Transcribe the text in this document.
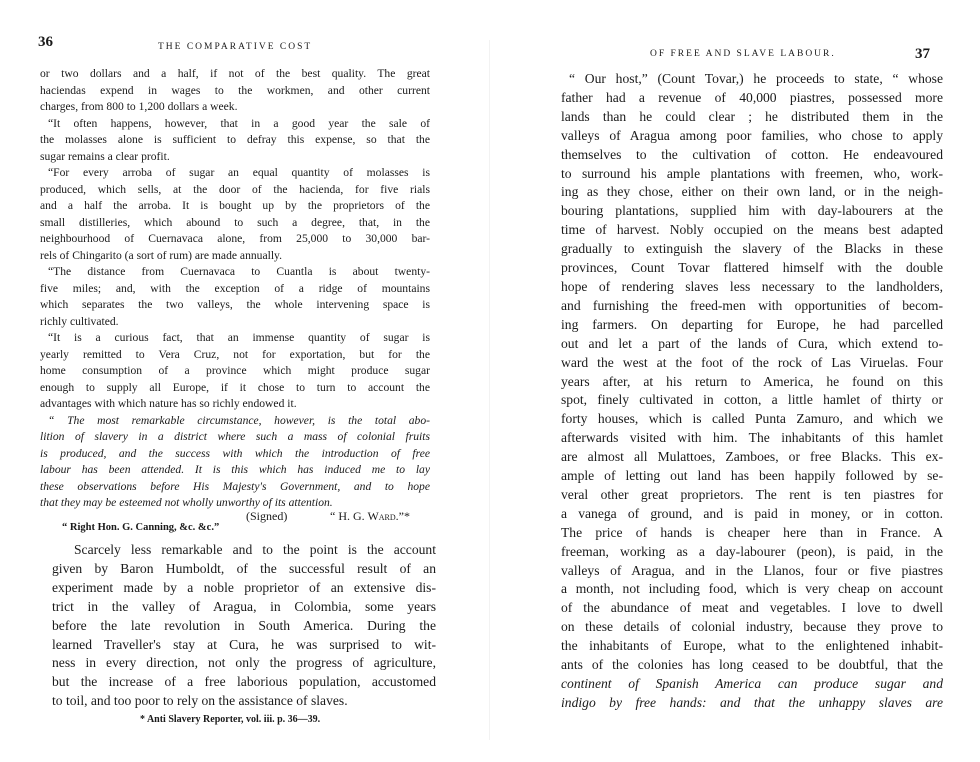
36	THE COMPARATIVE COST
or two dollars and a half, if not of the best quality. The great
haciendas expend in wages to the workmen, and other current
charges, from 800 to 1,200 dollars a week.
“It often happens, however, that in a good year the sale of
the molasses alone is sufficient to defray this expense, so that the
sugar remains a clear profit.
“For every arroba of sugar an equal quantity of molasses is
produced, which sells, at the door of the hacienda, for five rials
and a half the arroba. It is bought up by the proprietors of the
small distilleries, which abound to such a degree, that, in the
neighbourhood of Cuernavaca alone, from 25,000 to 30,000 bar-
rels of Chingarito (a sort of rum) are made annually.
“The distance from Cuernavaca to Cuantla is about twenty-
five miles; and, with the exception of a ridge of mountains
which separates the two valleys, the whole intervening space is
richly cultivated.
“It is a curious fact, that an immense quantity of sugar is
yearly remitted to Vera Cruz, not for exportation, but for the
home consumption of a province which might produce sugar
enough to supply all Europe, if it chose to turn to account the
advantages with which nature has so richly endowed it.
“ The most remarkable circumstance, however, is the total abo-
lition of slavery in a district where such a mass of colonial fruits
is produced, and the success with which the introduction of free
labour has been attended. It is this which has induced me to lay
these observations before His Majesty's Government, and to hope
that they may be esteemed not wholly unworthy of its attention.
(Signed)	“ H. G. Ward.”*
“ Right Hon. G. Canning, &c. &c.”
Scarcely less remarkable and to the point is the account
given by Baron Humboldt, of the successful result of an
experiment made by a noble proprietor of an extensive dis-
trict in the valley of Aragua, in Colombia, some years
before the late revolution in South America. During the
learned Traveller's stay at Cura, he was surprised to wit-
ness in every direction, not only the progress of agriculture,
but the increase of a free laborious population, accustomed
to toil, and too poor to rely on the assistance of slaves.
* Anti Slavery Reporter, vol. iii. p. 36—39.
OF FREE AND SLAVE LABOUR.	37
“ Our host,” (Count Tovar,) he proceeds to state, “ whose
father had a revenue of 40,000 piastres, possessed more
lands than he could clear ; he distributed them in the
valleys of Aragua among poor families, who chose to apply
themselves to the cultivation of cotton. He endeavoured
to surround his ample plantations with freemen, who, work-
ing as they chose, either on their own land, or in the neigh-
bouring plantations, supplied him with day-labourers at the
time of harvest. Nobly occupied on the means best adapted
gradually to extinguish the slavery of the Blacks in these
provinces, Count Tovar flattered himself with the double
hope of rendering slaves less necessary to the landholders,
and furnishing the freed-men with opportunities of becom-
ing farmers. On departing for Europe, he had parcelled
out and let a part of the lands of Cura, which extend to-
ward the west at the foot of the rock of Las Viruelas. Four
years after, at his return to America, he found on this
spot, finely cultivated in cotton, a little hamlet of thirty or
forty houses, which is called Punta Zamuro, and which we
afterwards visited with him. The inhabitants of this hamlet
are almost all Mulattoes, Zamboes, or free Blacks. This ex-
ample of letting out land has been happily followed by se-
veral other great proprietors. The rent is ten piastres for
a vanega of ground, and is paid in money, or in cotton.
The price of hands is cheaper here than in France. A
freeman, working as a day-labourer (peon), is paid, in the
valleys of Aragua, and in the Llanos, four or five piastres
a month, not including food, which is very cheap on account
of the abundance of meat and vegetables. I love to dwell
on these details of colonial industry, because they prove to
the inhabitants of Europe, what to the enlightened inhabit-
ants of the colonies has long ceased to be doubtful, that the
continent of Spanish America can produce sugar and
indigo by free hands: and that the unhappy slaves are
